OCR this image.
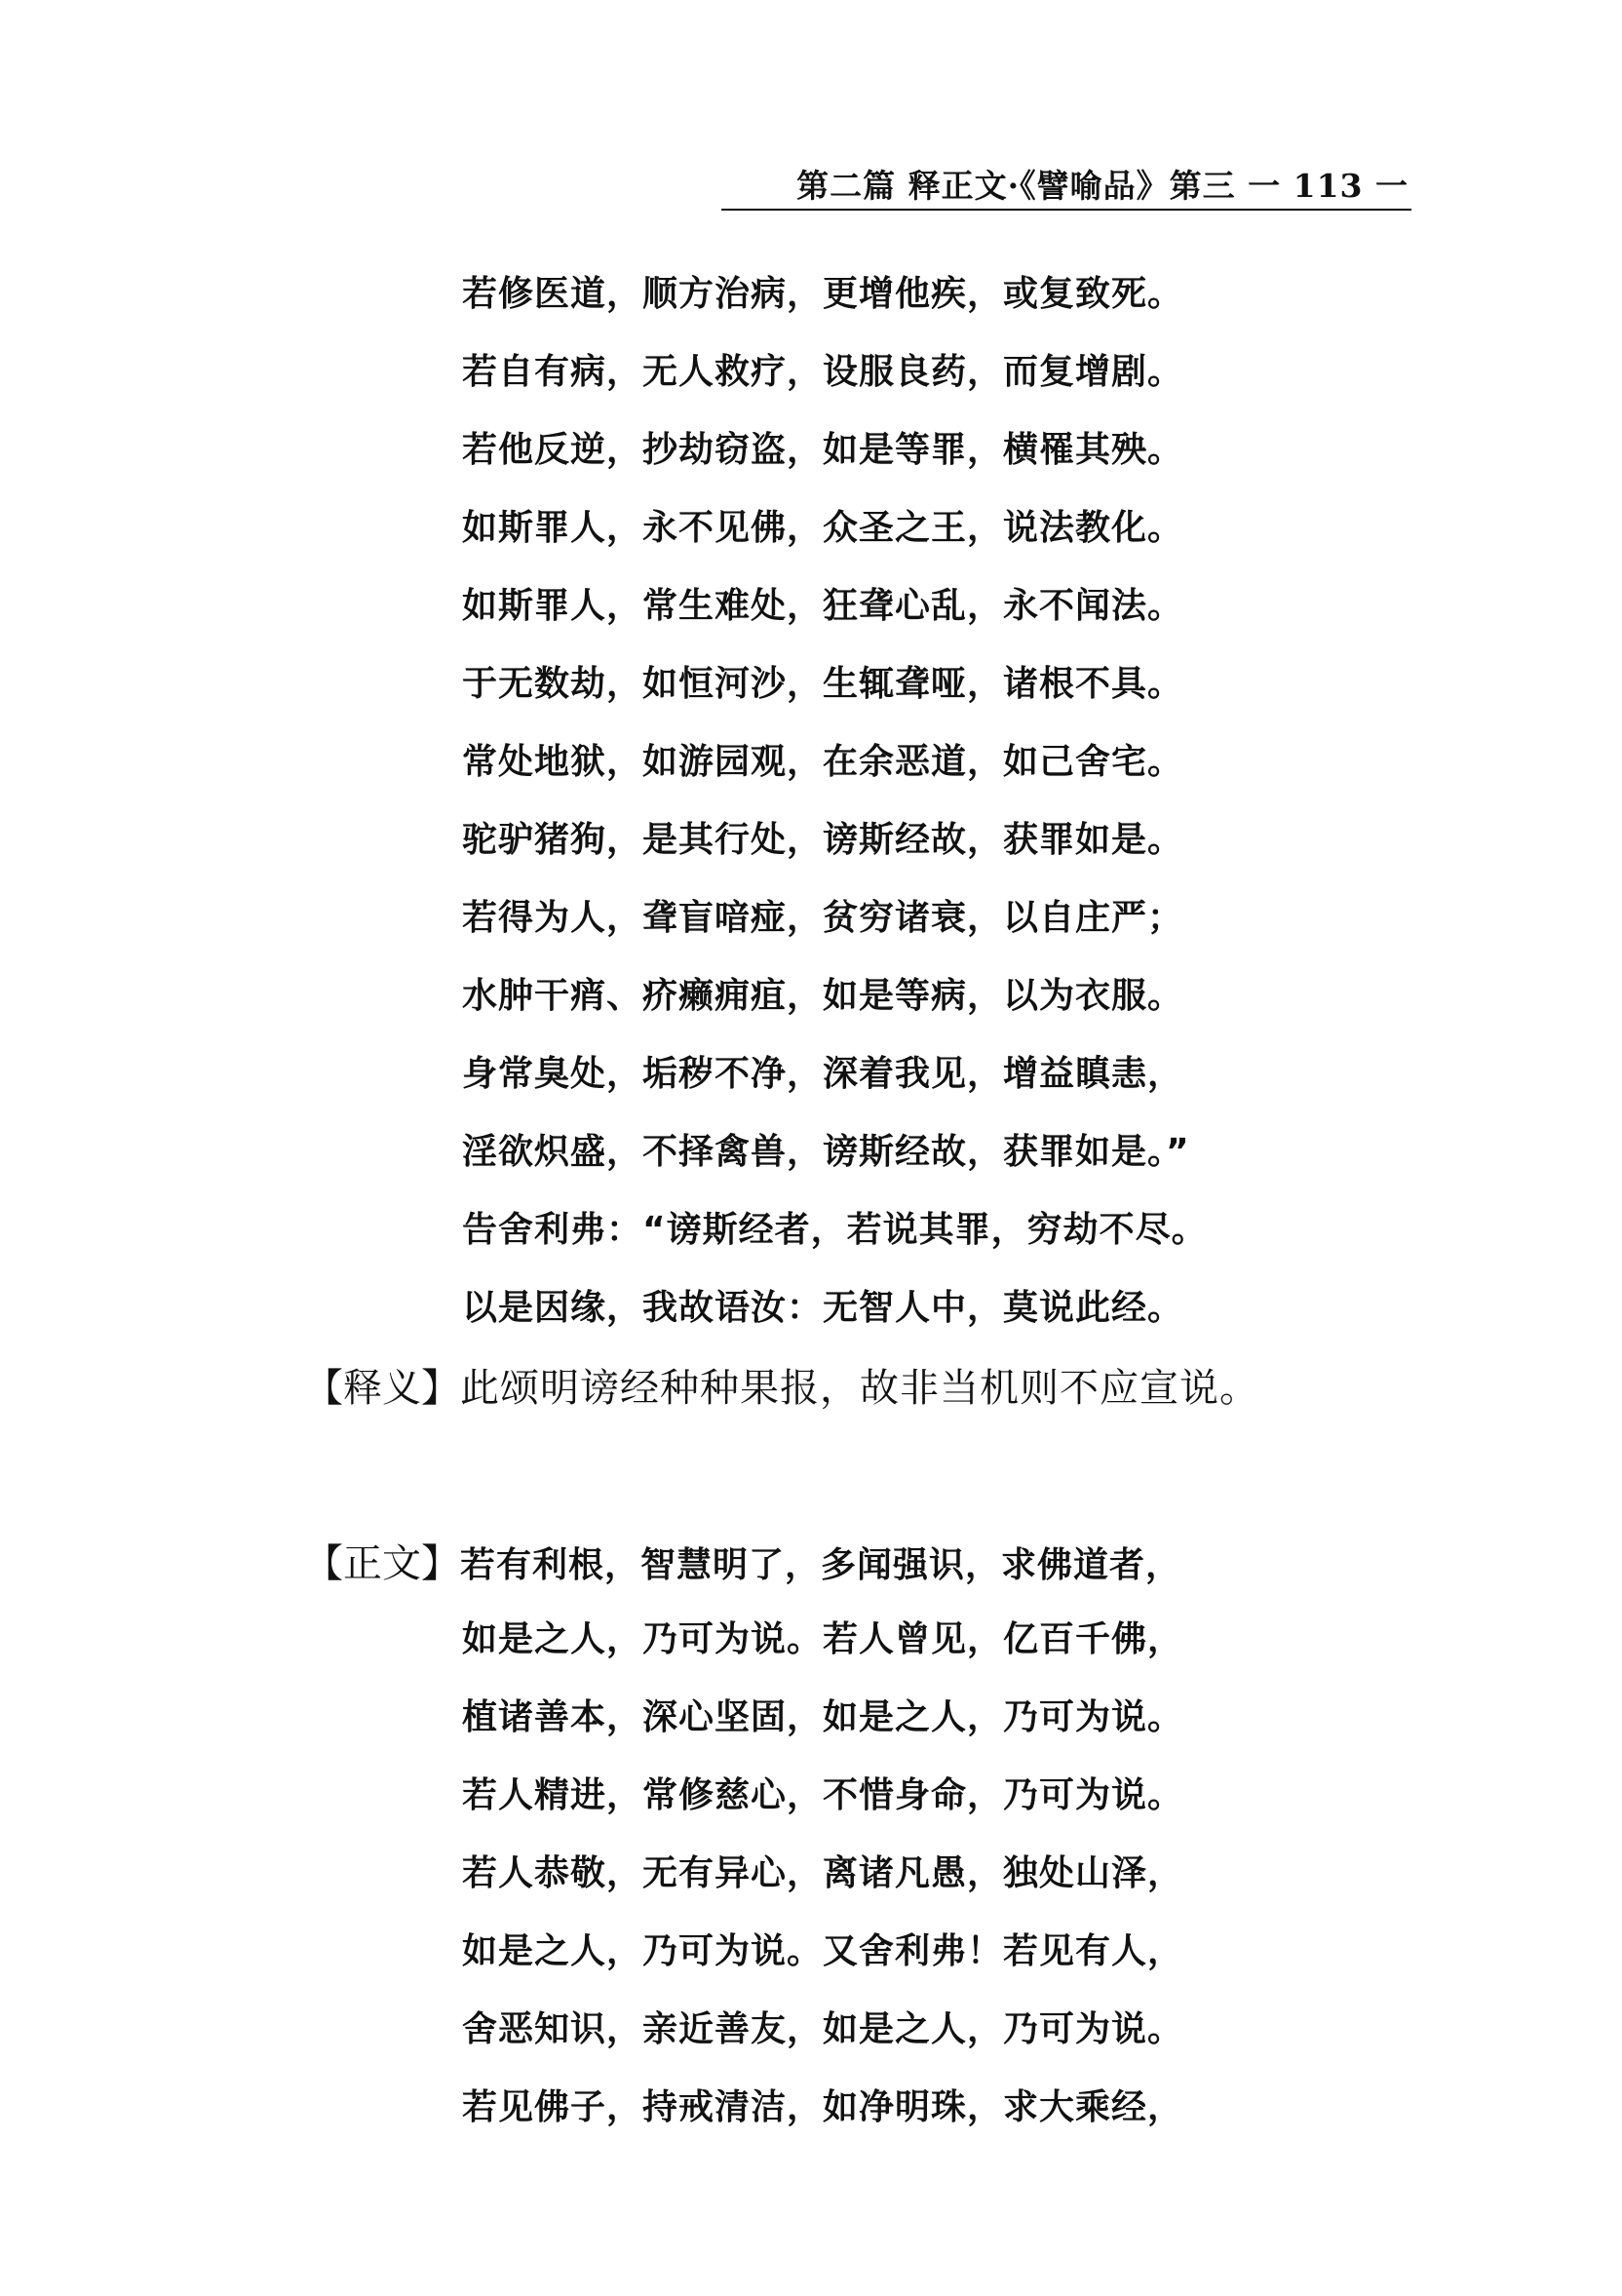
第二篇 释正文·《譬喻品》第三 一 113 一

若修医道，顺方治病，更增他疾，或复致死。

若自有病，无人救疗，设服良药，而复增剧。

若他反逆，抄劫窃盗，如是等罪，横罹其殃。

如斯罪人，永不见佛，众圣之王，说法教化。

如斯罪人，常生难处，狂聋心乱，永不闻法。

于无数劫，如恒河沙，生辄聋哑，诸根不具。

常处地狱，如游园观，在余恶道，如己舍宅。

驼驴猪狗，是其行处，谤斯经故，获罪如是。

若得为人，聋盲喑痖，贫穷诸衰，以自庄严；

水肿干痟、疥癞痈疽，如是等病，以为衣服。

身常臭处，垢秽不净，深着我见，增益瞋恚，

淫欲炽盛，不择禽兽，谤斯经故，获罪如是。”

告舍利弗：“谤斯经者，若说其罪，穷劫不尽。

以是因缘，我故语汝：无智人中，莫说此经。

【释义】此颂明谤经种种果报，故非当机则不应宣说。

【正文】若有利根，智慧明了，多闻强识，求佛道者，

如是之人，乃可为说。若人曾见，亿百千佛，

植诸善本，深心坚固，如是之人，乃可为说。

若人精进，常修慈心，不惜身命，乃可为说。

若人恭敬，无有异心，离诸凡愚，独处山泽，

如是之人，乃可为说。又舍利弗！若见有人，

舍恶知识，亲近善友，如是之人，乃可为说。

若见佛子，持戒清洁，如净明珠，求大乘经，
